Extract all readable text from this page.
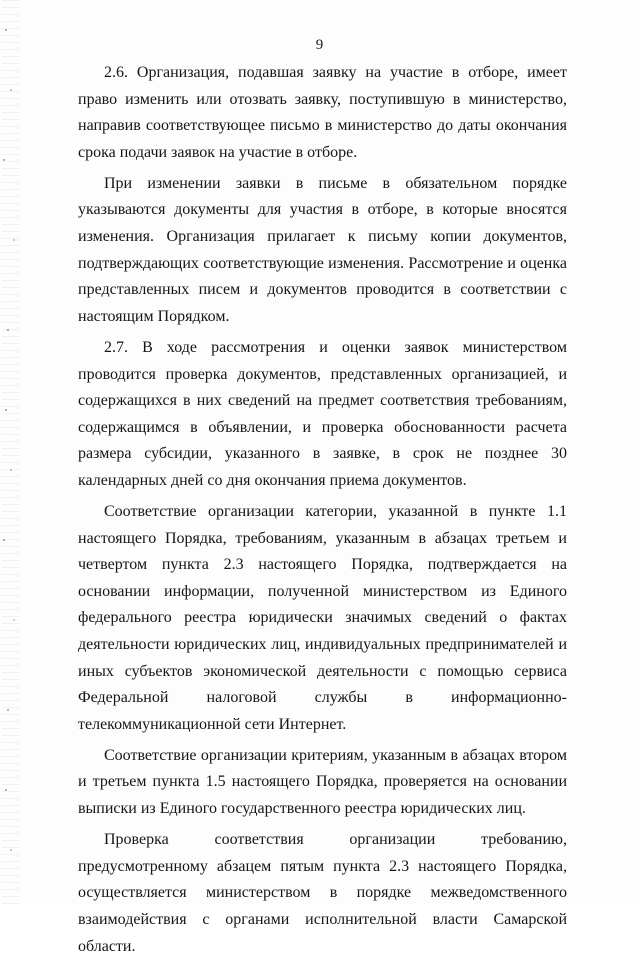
9

2.6. Организация, подавшая заявку на участие в отборе, имеет право изменить или отозвать заявку, поступившую в министерство, направив соответствующее письмо в министерство до даты окончания срока подачи заявок на участие в отборе.

При изменении заявки в письме в обязательном порядке указываются документы для участия в отборе, в которые вносятся изменения. Организация прилагает к письму копии документов, подтверждающих соответствующие изменения. Рассмотрение и оценка представленных писем и документов проводится в соответствии с настоящим Порядком.

2.7. В ходе рассмотрения и оценки заявок министерством проводится проверка документов, представленных организацией, и содержащихся в них сведений на предмет соответствия требованиям, содержащимся в объявлении, и проверка обоснованности расчета размера субсидии, указанного в заявке, в срок не позднее 30 календарных дней со дня окончания приема документов.

Соответствие организации категории, указанной в пункте 1.1 настоящего Порядка, требованиям, указанным в абзацах третьем и четвертом пункта 2.3 настоящего Порядка, подтверждается на основании информации, полученной министерством из Единого федерального реестра юридически значимых сведений о фактах деятельности юридических лиц, индивидуальных предпринимателей и иных субъектов экономической деятельности с помощью сервиса Федеральной налоговой службы в информационно-телекоммуникационной сети Интернет.

Соответствие организации критериям, указанным в абзацах втором и третьем пункта 1.5 настоящего Порядка, проверяется на основании выписки из Единого государственного реестра юридических лиц.

Проверка соответствия организации требованию, предусмотренному абзацем пятым пункта 2.3 настоящего Порядка, осуществляется министерством в порядке межведомственного взаимодействия с органами исполнительной власти Самарской области.
